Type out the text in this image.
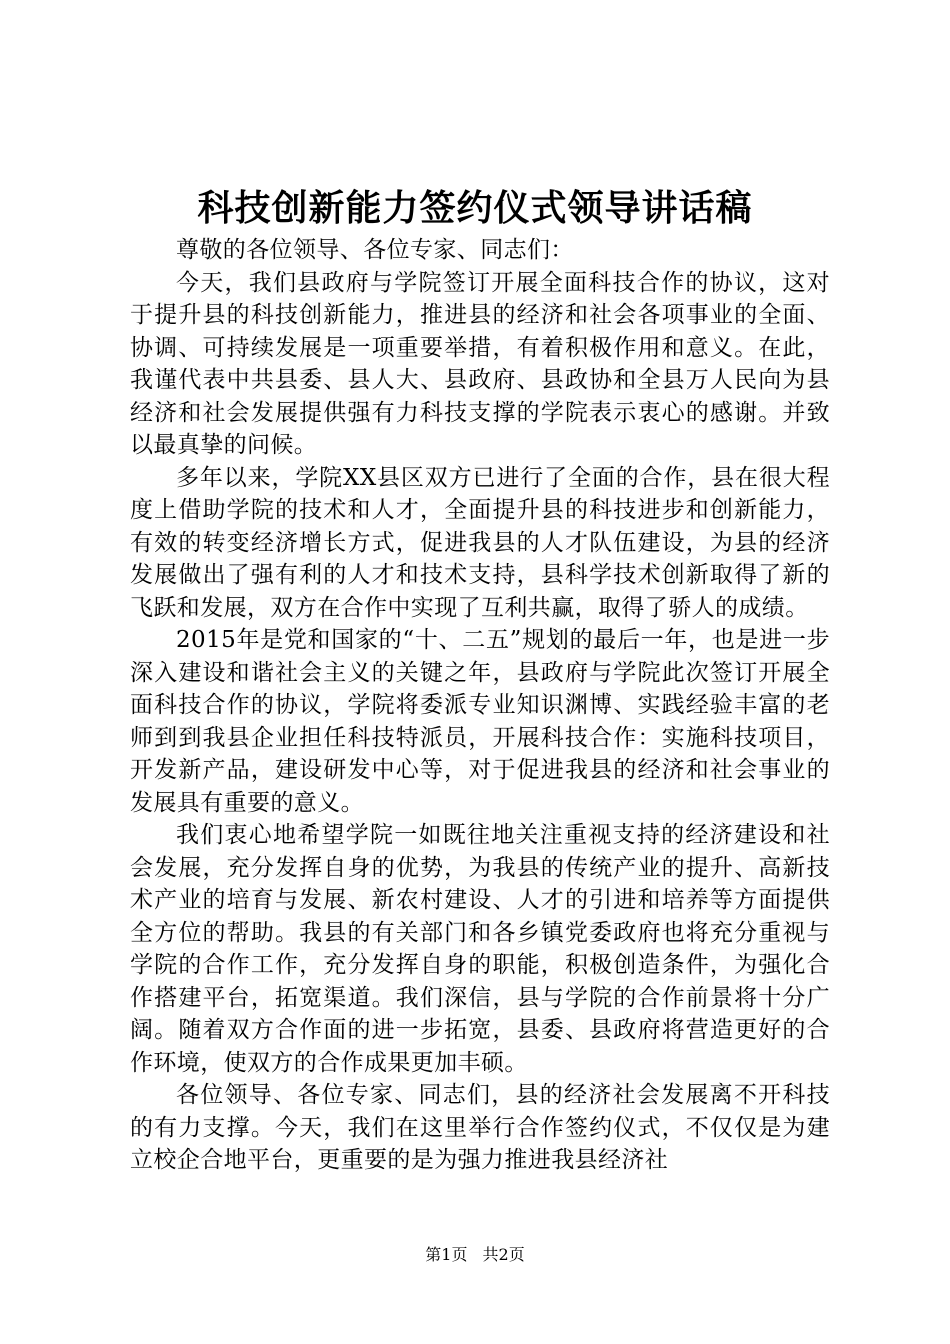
科技创新能力签约仪式领导讲话稿

尊敬的各位领导、各位专家、同志们：

今天，我们县政府与学院签订开展全面科技合作的协议，这对于提升县的科技创新能力，推进县的经济和社会各项事业的全面、协调、可持续发展是一项重要举措，有着积极作用和意义。在此，我谨代表中共县委、县人大、县政府、县政协和全县万人民向为县经济和社会发展提供强有力科技支撑的学院表示衷心的感谢。并致以最真挚的问候。

多年以来，学院XX县区双方已进行了全面的合作，县在很大程度上借助学院的技术和人才，全面提升县的科技进步和创新能力，有效的转变经济增长方式，促进我县的人才队伍建设，为县的经济发展做出了强有利的人才和技术支持，县科学技术创新取得了新的飞跃和发展，双方在合作中实现了互利共赢，取得了骄人的成绩。

2015年是党和国家的“十、二五”规划的最后一年，也是进一步深入建设和谐社会主义的关键之年，县政府与学院此次签订开展全面科技合作的协议，学院将委派专业知识渊博、实践经验丰富的老师到到我县企业担任科技特派员，开展科技合作：实施科技项目，开发新产品，建设研发中心等，对于促进我县的经济和社会事业的发展具有重要的意义。

我们衷心地希望学院一如既往地关注重视支持的经济建设和社会发展，充分发挥自身的优势，为我县的传统产业的提升、高新技术产业的培育与发展、新农村建设、人才的引进和培养等方面提供全方位的帮助。我县的有关部门和各乡镇党委政府也将充分重视与学院的合作工作，充分发挥自身的职能，积极创造条件，为强化合作搭建平台，拓宽渠道。我们深信，县与学院的合作前景将十分广阔。随着双方合作面的进一步拓宽，县委、县政府将营造更好的合作环境，使双方的合作成果更加丰硕。

各位领导、各位专家、同志们，县的经济社会发展离不开科技的有力支撑。今天，我们在这里举行合作签约仪式，不仅仅是为建立校企合地平台，更重要的是为强力推进我县经济社

第1页 共2页
